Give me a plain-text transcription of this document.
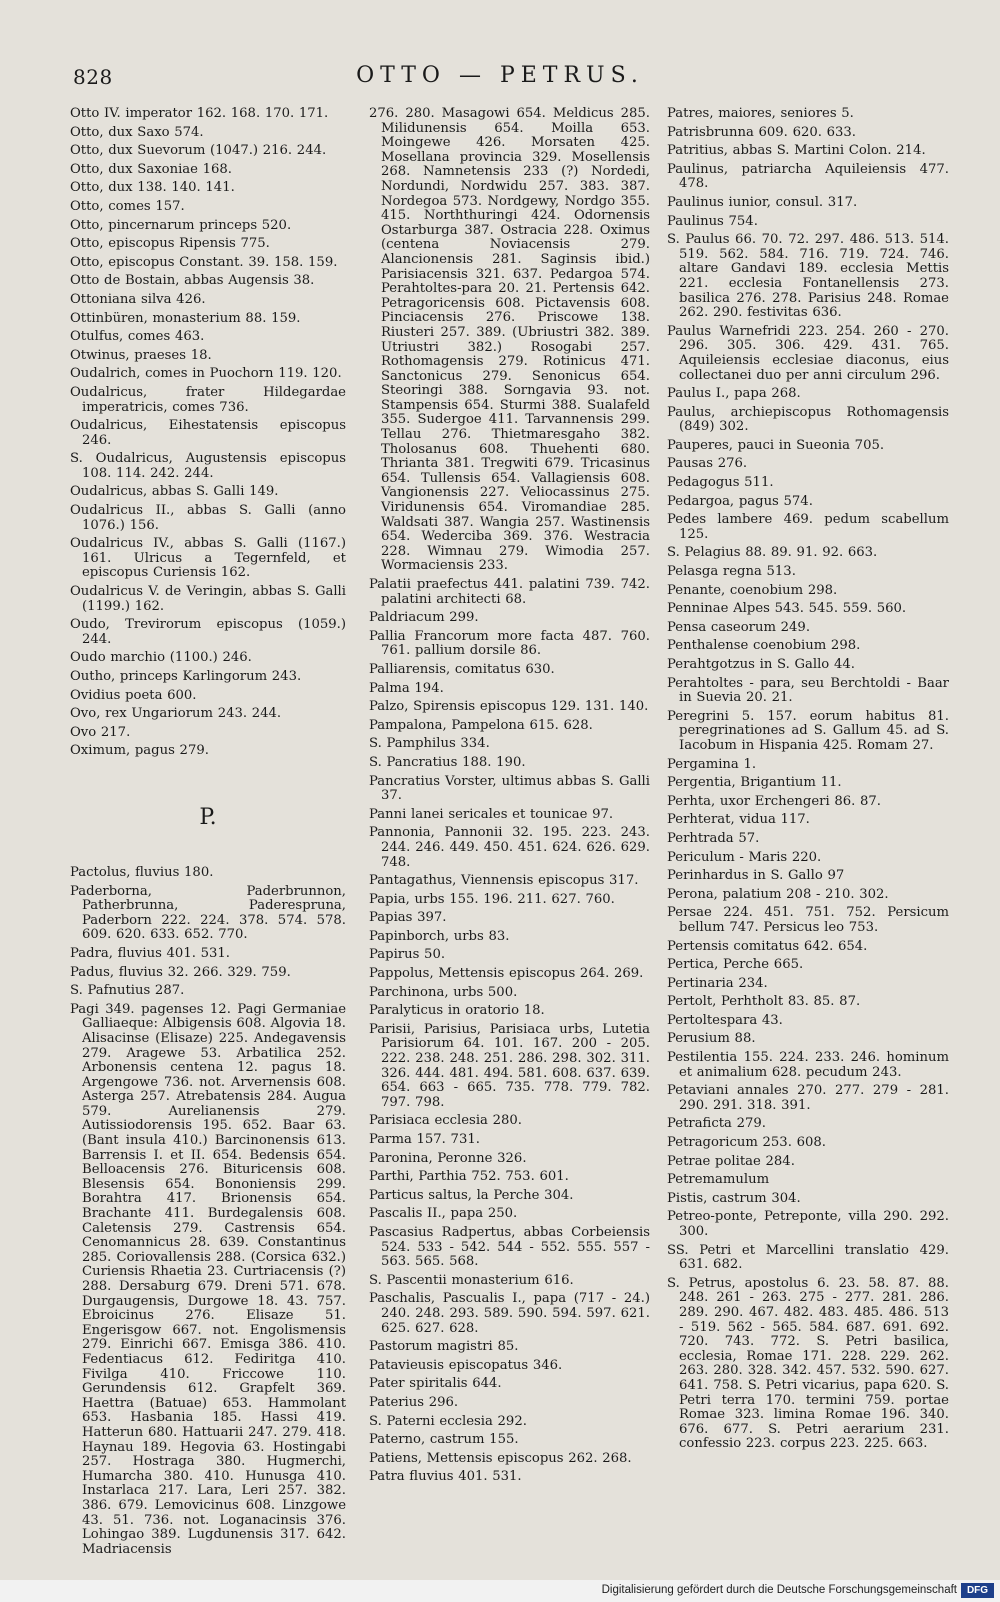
828	OTTO — PETRUS.
Otto IV. imperator 162. 168. 170. 171.
Otto, dux Saxo 574.
Otto, dux Suevorum (1047.) 216. 244.
Otto, dux Saxoniae 168.
Otto, dux 138. 140. 141.
Otto, comes 157.
Otto, pincernarum princeps 520.
Otto, episcopus Ripensis 775.
Otto, episcopus Constant. 39. 158. 159.
Otto de Bostain, abbas Augensis 38.
Ottoniana silva 426.
Ottinbüren, monasterium 88. 159.
Otulfus, comes 463.
Otwinus, praeses 18.
Oudalrich, comes in Puochorn 119. 120.
Oudalricus, frater Hildegardae imperatricis, comes 736.
Oudalricus, Eihestatensis episcopus 246.
S. Oudalricus, Augustensis episcopus 108. 114. 242. 244.
Oudalricus, abbas S. Galli 149.
Oudalricus II., abbas S. Galli (anno 1076.) 156.
Oudalricus IV., abbas S. Galli (1167.) 161. Ulricus a Tegernfeld, et episcopus Curiensis 162.
Oudalricus V. de Veringin, abbas S. Galli (1199.) 162.
Oudo, Trevirorum episcopus (1059.) 244.
Oudo marchio (1100.) 246.
Outho, princeps Karlingorum 243.
Ovidius poeta 600.
Ovo, rex Ungariorum 243. 244.
Ovo 217.
Oximum, pagus 279.
P.
Pactolus, fluvius 180.
Paderborna, Paderbrunnon, Patherbrunna, Paderespruna, Paderborn 222. 224. 378. 574. 578. 609. 620. 633. 652. 770.
Padra, fluvius 401. 531.
Padus, fluvius 32. 266. 329. 759.
S. Pafnutius 287.
Pagi 349. pagenses 12. Pagi Germaniae Galliaeque: Albigensis 608. Algovia 18. Alisacinse (Elisaze) 225. Andegavensis 279. Aragewe 53. Arbatilica 252. Arbonensis centena 12. pagus 18. Argengowe 736. not. Arvernensis 608. Asterga 257. Atrebatensis 284. Augua 579. Aurelianensis 279. Autissiodorensis 195. 652. Baar 63. (Bant insula 410.) Barcinonensis 613. Barrensis I. et II. 654. Bedensis 654. Belloacensis 276. Bituricensis 608. Blesensis 654. Bononiensis 299. Borahtra 417. Brionensis 654. Brachante 411. Burdegalensis 608. Caletensis 279. Castrensis 654. Cenomannicus 28. 639. Constantinus 285. Coriovallensis 288. (Corsica 632.) Curiensis Rhaetia 23. Curtriacensis (?) 288. Dersaburg 679. Dreni 571. 678. Durgaugensis, Durgowe 18. 43. 757. Ebroicinus 276. Elisaze 51. Engerisgow 667. not. Engolismensis 279. Einrichi 667. Emisga 386. 410. Fedentiacus 612. Fediritga 410. Fivilga 410. Friccowe 110. Gerundensis 612. Grapfelt 369. Haettra (Batuae) 653. Hammolant 653. Hasbania 185. Hassi 419. Hatterun 680. Hattuarii 247. 279. 418. Haynau 189. Hegovia 63. Hostingabi 257. Hostraga 380. Hugmerchi, Humarcha 380. 410. Hunusga 410. Instarlaca 217. Lara, Leri 257. 382. 386. 679. Lemovicinus 608. Linzgowe 43. 51. 736. not. Loganacinsis 376. Lohingao 389. Lugdunensis 317. 642. Madriacensis
276. 280. Masagowi 654. Meldicus 285. Milidunensis 654. Moilla 653. Moingewe 426. Morsaten 425. Mosellana provincia 329. Mosellensis 268. Namnetensis 233 (?) Nordedi, Nordundi, Nordwidu 257. 383. 387. Nordegoa 573. Nordgewy, Nordgo 355. 415. Norththuringi 424. Odornensis Ostarburga 387. Ostracia 228. Oximus (centena Noviacensis 279. Alancionensis 281. Saginsis ibid.) Parisiacensis 321. 637. Pedargoa 574. Perahtoltes-para 20. 21. Pertensis 642. Petragoricensis 608. Pictavensis 608. Pinciacensis 276. Priscowe 138. Riusteri 257. 389. (Ubriustri 382. 389. Utriustri 382.) Rosogabi 257. Rothomagensis 279. Rotinicus 471. Sanctonicus 279. Senonicus 654. Steoringi 388. Sorngavia 93. not. Stampensis 654. Sturmi 388. Sualafeld 355. Sudergoe 411. Tarvannensis 299. Tellau 276. Thietmaresgaho 382. Tholosanus 608. Thuehenti 680. Thrianta 381. Tregwiti 679. Tricasinus 654. Tullensis 654. Vallagiensis 608. Vangionensis 227. Veliocassinus 275. Viridunensis 654. Viromandiae 285. Waldsati 387. Wangia 257. Wastinensis 654. Wederciba 369. 376. Westracia 228. Wimnau 279. Wimodia 257. Wormaciensis 233.
Palatii praefectus 441. palatini 739. 742. palatini architecti 68.
Paldriacum 299.
Pallia Francorum more facta 487. 760. 761. pallium dorsile 86.
Palliarensis, comitatus 630.
Palma 194.
Palzo, Spirensis episcopus 129. 131. 140.
Pampalona, Pampelona 615. 628.
S. Pamphilus 334.
S. Pancratius 188. 190.
Pancratius Vorster, ultimus abbas S. Galli 37.
Panni lanei sericales et tounicae 97.
Pannonia, Pannonii 32. 195. 223. 243. 244. 246. 449. 450. 451. 624. 626. 629. 748.
Pantagathus, Viennensis episcopus 317.
Papia, urbs 155. 196. 211. 627. 760.
Papias 397.
Papinborch, urbs 83.
Papirus 50.
Pappolus, Mettensis episcopus 264. 269.
Parchinona, urbs 500.
Paralyticus in oratorio 18.
Parisii, Parisius, Parisiaca urbs, Lutetia Parisiorum 64. 101. 167. 200 - 205. 222. 238. 248. 251. 286. 298. 302. 311. 326. 444. 481. 494. 581. 608. 637. 639. 654. 663 - 665. 735. 778. 779. 782. 797. 798.
Parisiaca ecclesia 280.
Parma 157. 731.
Paronina, Peronne 326.
Parthi, Parthia 752. 753. 601.
Particus saltus, la Perche 304.
Pascalis II., papa 250.
Pascasius Radpertus, abbas Corbeiensis 524. 533 - 542. 544 - 552. 555. 557 - 563. 565. 568.
S. Pascentii monasterium 616.
Paschalis, Pascualis I., papa (717 - 24.) 240. 248. 293. 589. 590. 594. 597. 621. 625. 627. 628.
Pastorum magistri 85.
Patavieusis episcopatus 346.
Pater spiritalis 644.
Paterius 296.
S. Paterni ecclesia 292.
Paterno, castrum 155.
Patiens, Mettensis episcopus 262. 268.
Patra fluvius 401. 531.
Patres, maiores, seniores 5.
Patrisbrunna 609. 620. 633.
Patritius, abbas S. Martini Colon. 214.
Paulinus, patriarcha Aquileiensis 477. 478.
Paulinus iunior, consul. 317.
Paulinus 754.
S. Paulus 66. 70. 72. 297. 486. 513. 514. 519. 562. 584. 716. 719. 724. 746. altare Gandavi 189. ecclesia Mettis 221. ecclesia Fontanellensis 273. basilica 276. 278. Parisius 248. Romae 262. 290. festivitas 636.
Paulus Warnefridi 223. 254. 260 - 270. 296. 305. 306. 429. 431. 765. Aquileiensis ecclesiae diaconus, eius collectanei duo per anni circulum 296.
Paulus I., papa 268.
Paulus, archiepiscopus Rothomagensis (849) 302.
Pauperes, pauci in Sueonia 705.
Pausas 276.
Pedagogus 511.
Pedargoa, pagus 574.
Pedes lambere 469. pedum scabellum 125.
S. Pelagius 88. 89. 91. 92. 663.
Pelasga regna 513.
Penante, coenobium 298.
Penninae Alpes 543. 545. 559. 560.
Pensa caseorum 249.
Penthalense coenobium 298.
Perahtgotzus in S. Gallo 44.
Perahtoltes - para, seu Berchtoldi - Baar in Suevia 20. 21.
Peregrini 5. 157. eorum habitus 81. peregrinationes ad S. Gallum 45. ad S. Iacobum in Hispania 425. Romam 27.
Pergamina 1.
Pergentia, Brigantium 11.
Perhta, uxor Erchengeri 86. 87.
Perhterat, vidua 117.
Perhtrada 57.
Periculum - Maris 220.
Perinhardus in S. Gallo 97
Perona, palatium 208 - 210. 302.
Persae 224. 451. 751. 752. Persicum bellum 747. Persicus leo 753.
Pertensis comitatus 642. 654.
Pertica, Perche 665.
Pertinaria 234.
Pertolt, Perhtholt 83. 85. 87.
Pertoltespara 43.
Perusium 88.
Pestilentia 155. 224. 233. 246. hominum et animalium 628. pecudum 243.
Petaviani annales 270. 277. 279 - 281. 290. 291. 318. 391.
Petrafiсta 279.
Petragoricum 253. 608.
Petrae politae 284.
Petremamulum
Pistis, castrum 304.
Petreo-ponte, Petreponte, villa 290. 292. 300.
SS. Petri et Marcellini translatio 429. 631. 682.
S. Petrus, apostolus 6. 23. 58. 87. 88. 248. 261 - 263. 275 - 277. 281. 286. 289. 290. 467. 482. 483. 485. 486. 513 - 519. 562 - 565. 584. 687. 691. 692. 720. 743. 772. S. Petri basilica, ecclesia, Romae 171. 228. 229. 262. 263. 280. 328. 342. 457. 532. 590. 627. 641. 758. S. Petri vicarius, papa 620. S. Petri terra 170. termini 759. portae Romae 323. limina Romae 196. 340. 676. 677. S. Petri aerarium 231. confessio 223. corpus 223. 225. 663.
Digitalisierung gefördert durch die Deutsche Forschungsgemeinschaft DFG
